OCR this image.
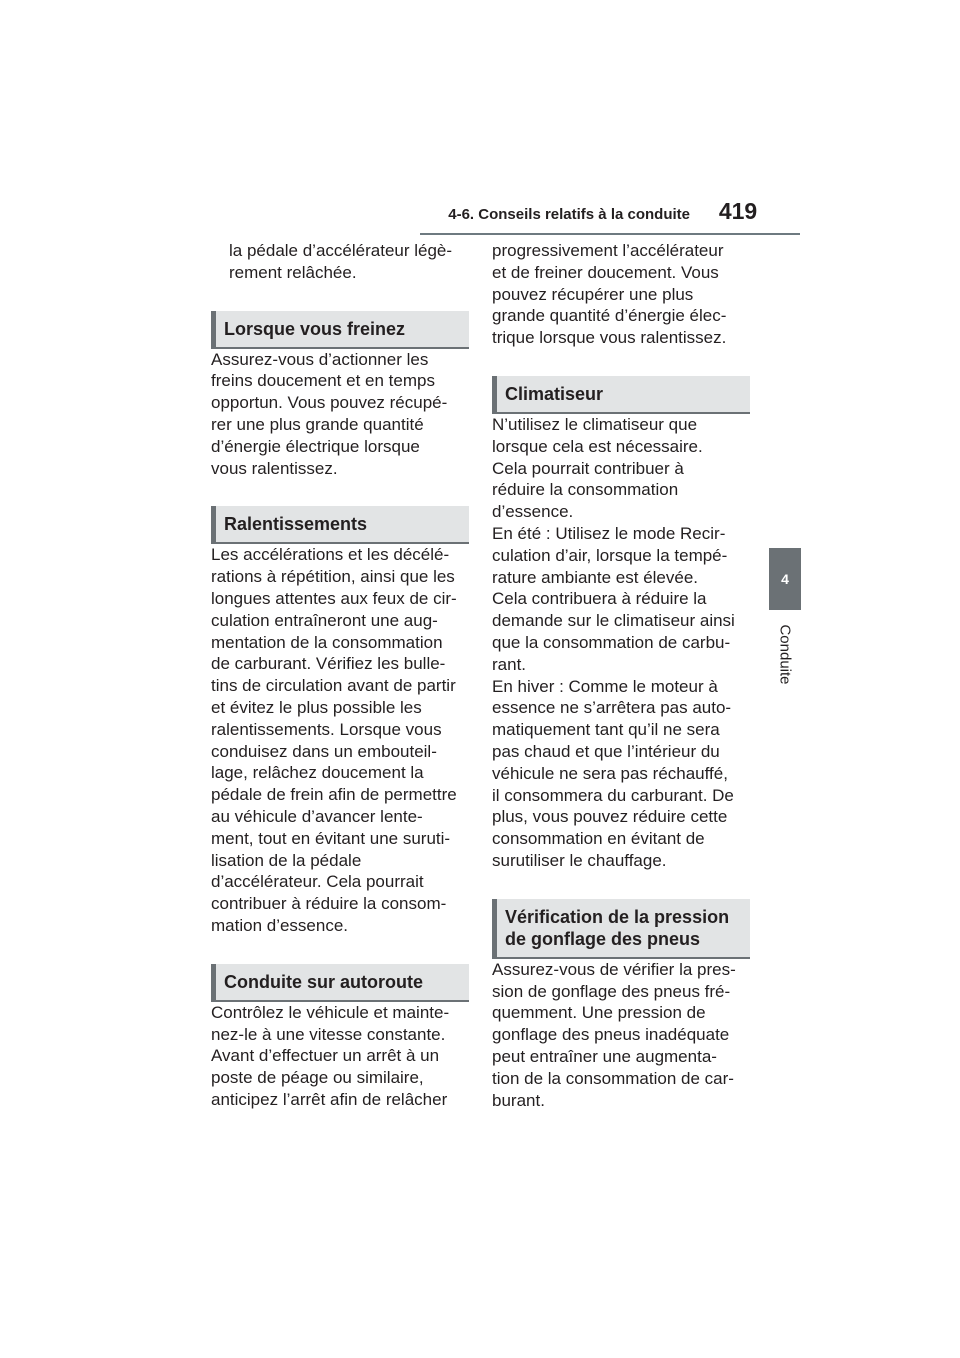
4-6. Conseils relatifs à la conduite 419
4
Conduite

la pédale d’accélérateur légè-
rement relâchée.

Lorsque vous freinez

Assurez-vous d’actionner les
freins doucement et en temps
opportun. Vous pouvez récupé-
rer une plus grande quantité
d’énergie électrique lorsque
vous ralentissez.

Ralentissements

Les accélérations et les décélé-
rations à répétition, ainsi que les
longues attentes aux feux de cir-
culation entraîneront une aug-
mentation de la consommation
de carburant. Vérifiez les bulle-
tins de circulation avant de partir
et évitez le plus possible les
ralentissements. Lorsque vous
conduisez dans un embouteil-
lage, relâchez doucement la
pédale de frein afin de permettre
au véhicule d’avancer lente-
ment, tout en évitant une suruti-
lisation de la pédale
d’accélérateur. Cela pourrait
contribuer à réduire la consom-
mation d’essence.

Conduite sur autoroute

Contrôlez le véhicule et mainte-
nez-le à une vitesse constante.
Avant d’effectuer un arrêt à un
poste de péage ou similaire,
anticipez l’arrêt afin de relâcher

progressivement l’accélérateur
et de freiner doucement. Vous
pouvez récupérer une plus
grande quantité d’énergie élec-
trique lorsque vous ralentissez.

Climatiseur

N’utilisez le climatiseur que
lorsque cela est nécessaire.
Cela pourrait contribuer à
réduire la consommation
d’essence.
En été : Utilisez le mode Recir-
culation d’air, lorsque la tempé-
rature ambiante est élevée.
Cela contribuera à réduire la
demande sur le climatiseur ainsi
que la consommation de carbu-
rant.
En hiver : Comme le moteur à
essence ne s’arrêtera pas auto-
matiquement tant qu’il ne sera
pas chaud et que l’intérieur du
véhicule ne sera pas réchauffé,
il consommera du carburant. De
plus, vous pouvez réduire cette
consommation en évitant de
surutiliser le chauffage.

Vérification de la pression
de gonflage des pneus

Assurez-vous de vérifier la pres-
sion de gonflage des pneus fré-
quemment. Une pression de
gonflage des pneus inadéquate
peut entraîner une augmenta-
tion de la consommation de car-
burant.
